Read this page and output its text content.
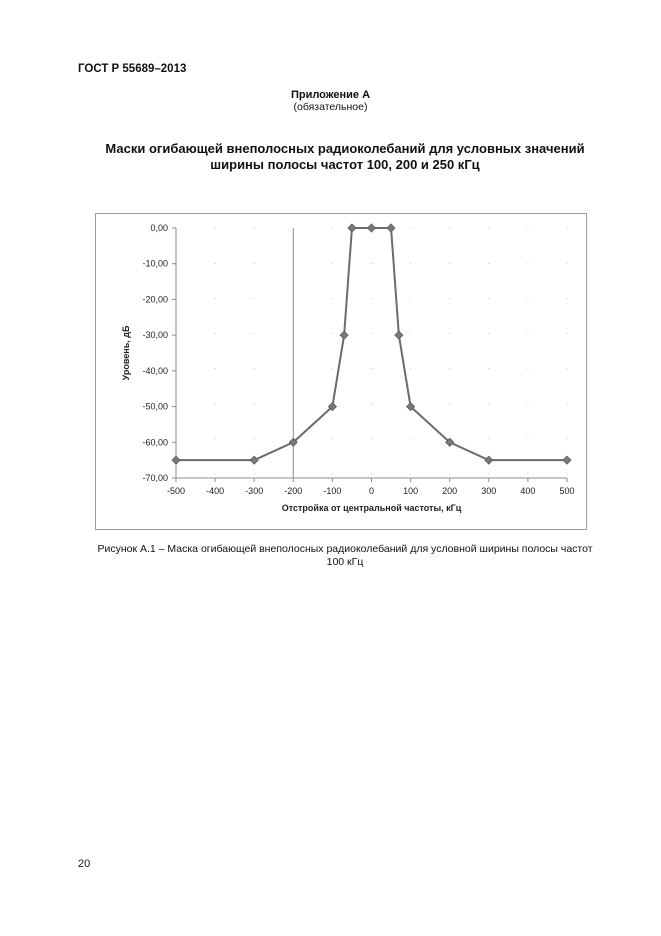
ГОСТ Р 55689–2013
Приложение А
(обязательное)
Маски огибающей внеполосных радиоколебаний для условных значений
ширины полосы частот 100, 200 и 250 кГц
0,00
-10,00
-20,00
-30,00
-40,00
-50,00
-60,00
-70,00
-500 -400 -300 -200 -100	0	100	200	300	400	500
Отстройка от центральной частоты, кГц
Уровень, дБ
Рисунок А.1 – Маска огибающей внеполосных радиоколебаний для условной ширины полосы частот
100 кГц
20
